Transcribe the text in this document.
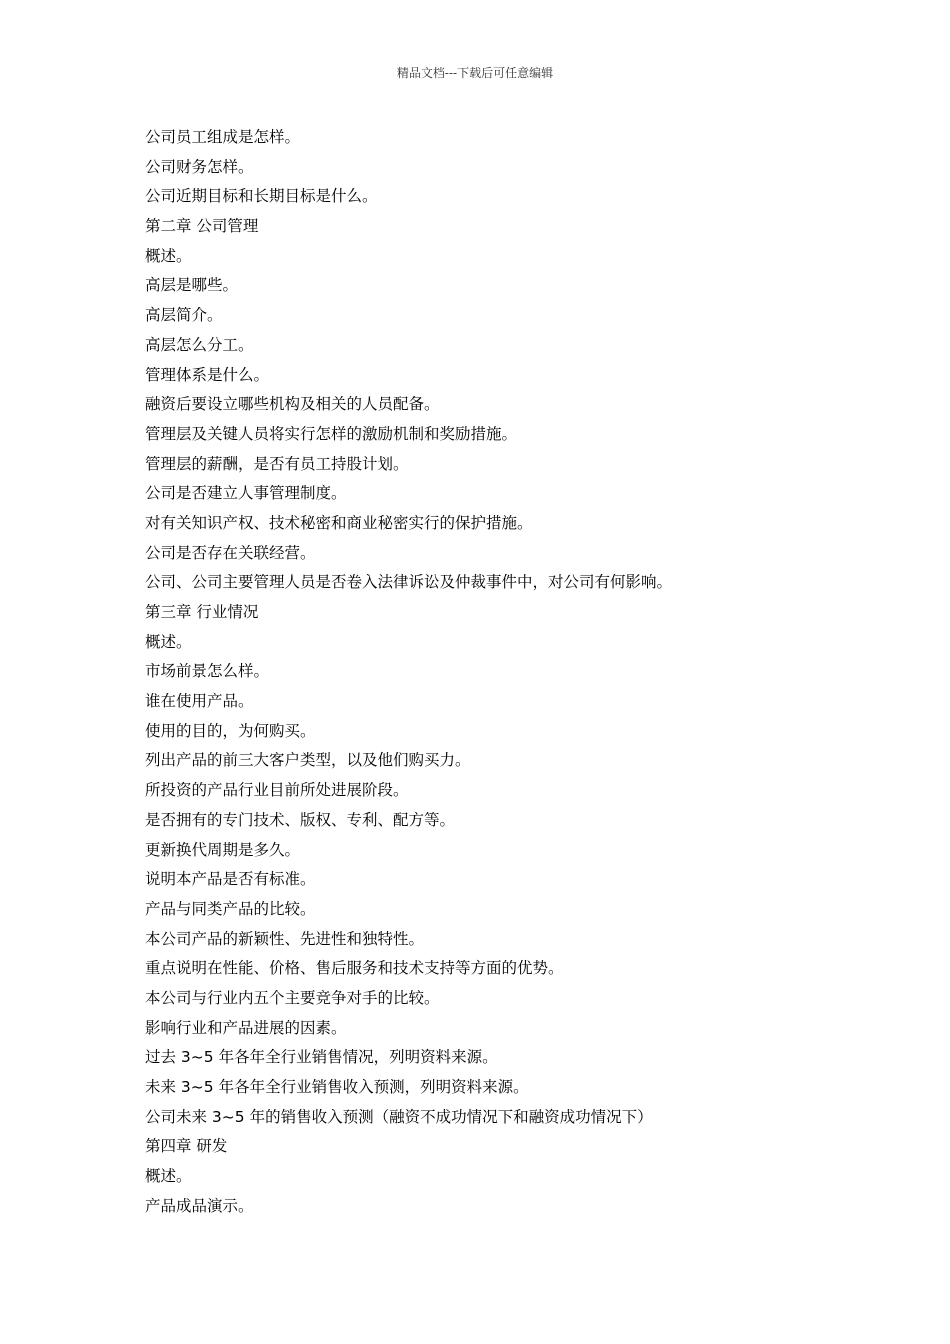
精品文档---下载后可任意编辑
公司员工组成是怎样。
公司财务怎样。
公司近期目标和长期目标是什么。
第二章 公司管理
概述。
高层是哪些。
高层简介。
高层怎么分工。
管理体系是什么。
融资后要设立哪些机构及相关的人员配备。
管理层及关键人员将实行怎样的激励机制和奖励措施。
管理层的薪酬，是否有员工持股计划。
公司是否建立人事管理制度。
对有关知识产权、技术秘密和商业秘密实行的保护措施。
公司是否存在关联经营。
公司、公司主要管理人员是否卷入法律诉讼及仲裁事件中，对公司有何影响。
第三章 行业情况
概述。
市场前景怎么样。
谁在使用产品。
使用的目的，为何购买。
列出产品的前三大客户类型，以及他们购买力。
所投资的产品行业目前所处进展阶段。
是否拥有的专门技术、版权、专利、配方等。
更新换代周期是多久。
说明本产品是否有标准。
产品与同类产品的比较。
本公司产品的新颖性、先进性和独特性。
重点说明在性能、价格、售后服务和技术支持等方面的优势。
本公司与行业内五个主要竞争对手的比较。
影响行业和产品进展的因素。
过去 3~5 年各年全行业销售情况，列明资料来源。
未来 3~5 年各年全行业销售收入预测，列明资料来源。
公司未来 3~5 年的销售收入预测（融资不成功情况下和融资成功情况下）
第四章 研发
概述。
产品成品演示。
